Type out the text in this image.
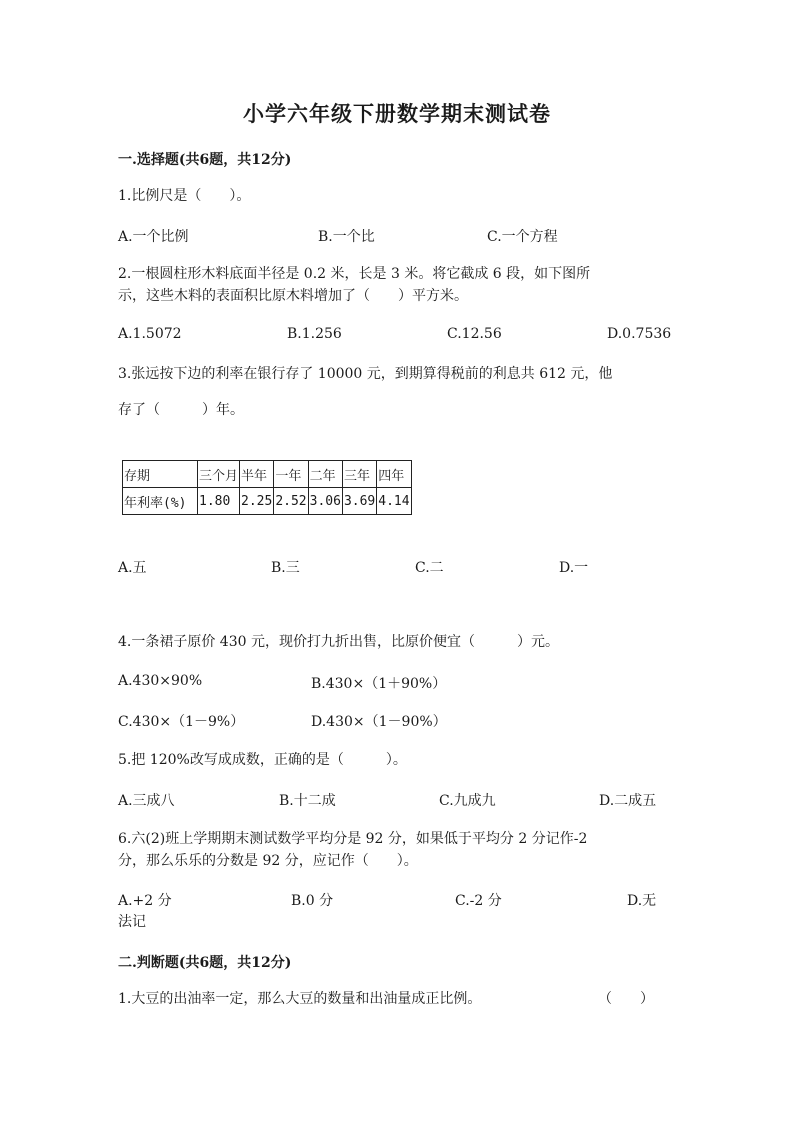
小学六年级下册数学期末测试卷
一.选择题(共6题，共12分)
1.比例尺是（　　）。
A.一个比例	B.一个比	C.一个方程
2.一根圆柱形木料底面半径是 0.2 米，长是 3 米。将它截成 6 段，如下图所
示，这些木料的表面积比原木料增加了（　　）平方米。
A.1.5072	B.1.256	C.12.56	D.0.7536
3.张远按下边的利率在银行存了 10000 元，到期算得税前的利息共 612 元，他
存了（　　　）年。
存期	三个月	半年	一年	二年	三年	四年
年利率(%)	1.80	2.25	2.52	3.06	3.69	4.14
A.五	B.三	C.二	D.一
4.一条裙子原价 430 元，现价打九折出售，比原价便宜（　　　）元。
A.430×90%	B.430×（1＋90%）
C.430×（1－9%）	D.430×（1－90%）
5.把 120%改写成成数，正确的是（　　　）。
A.三成八	B.十二成	C.九成九	D.二成五
6.六(2)班上学期期末测试数学平均分是 92 分，如果低于平均分 2 分记作-2
分，那么乐乐的分数是 92 分，应记作（　　）。
A.+2 分	B.0 分	C.-2 分	D.无
法记
二.判断题(共6题，共12分)
1.大豆的出油率一定，那么大豆的数量和出油量成正比例。	（　　）
